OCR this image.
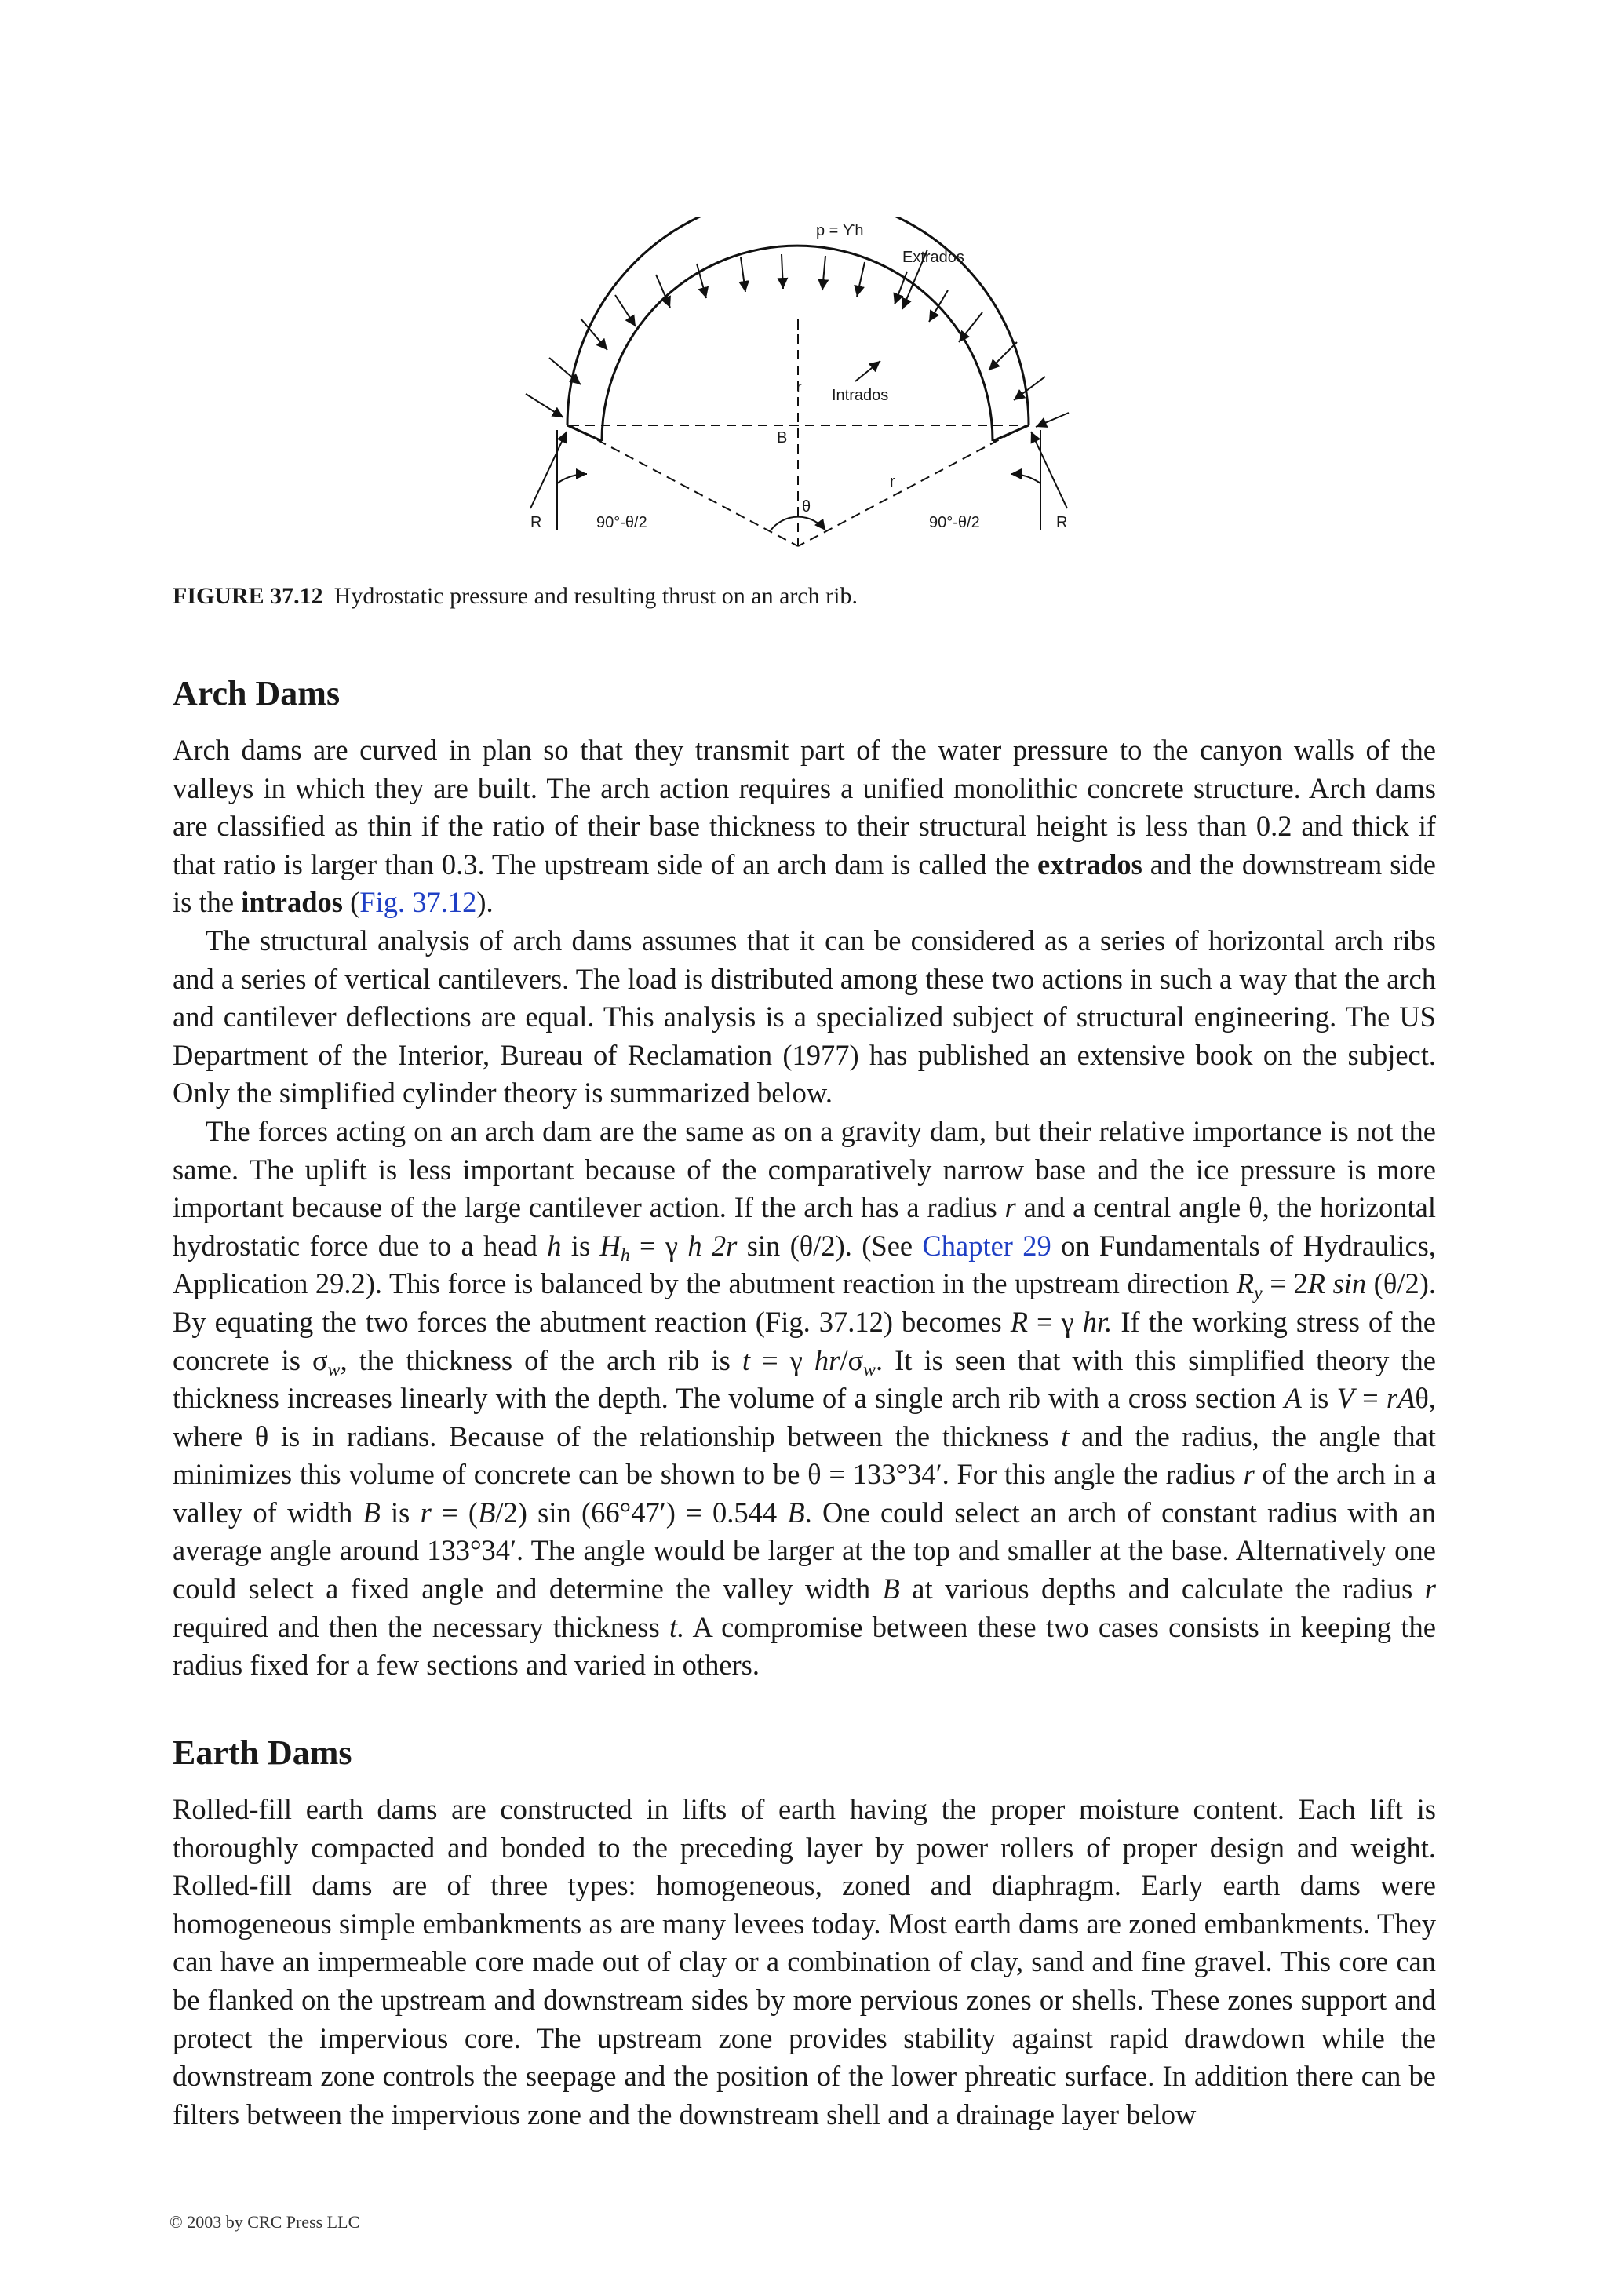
p = ϒh
Extrados
Intrados
r
B
θ
r
90°-θ/2	90°-θ/2
R	R
FIGURE 37.12 Hydrostatic pressure and resulting thrust on an arch rib.
Arch Dams

Arch dams are curved in plan so that they transmit part of the water pressure to the canyon walls of the valleys in which they are built. The arch action requires a unified monolithic concrete structure. Arch dams are classified as thin if the ratio of their base thickness to their structural height is less than 0.2 and thick if that ratio is larger than 0.3. The upstream side of an arch dam is called the extrados and the downstream side is the intrados (Fig. 37.12).

The structural analysis of arch dams assumes that it can be considered as a series of horizontal arch ribs and a series of vertical cantilevers. The load is distributed among these two actions in such a way that the arch and cantilever deflections are equal. This analysis is a specialized subject of structural engineering. The US Department of the Interior, Bureau of Reclamation (1977) has published an extensive book on the subject. Only the simplified cylinder theory is summarized below.

The forces acting on an arch dam are the same as on a gravity dam, but their relative importance is not the same. The uplift is less important because of the comparatively narrow base and the ice pressure is more important because of the large cantilever action. If the arch has a radius r and a central angle θ, the horizontal hydrostatic force due to a head h is $H_h = \gamma$ h 2r sin (θ/2). (See Chapter 29 on Fundamentals of Hydraulics, Application 29.2). This force is balanced by the abutment reaction in the upstream direction $R_y = 2R$ sin (θ/2). By equating the two forces the abutment reaction (Fig. 37.12) becomes R = γ hr. If the working stress of the concrete is $\sigma_w$, the thickness of the arch rib is t = γ $hr/\sigma_w$. It is seen that with this simplified theory the thickness increases linearly with the depth. The volume of a single arch rib with a cross section A is V = rAθ, where θ is in radians. Because of the relationship between the thickness t and the radius, the angle that minimizes this volume of concrete can be shown to be θ = 133°34′. For this angle the radius r of the arch in a valley of width B is r = (B/2) sin (66°47′) = 0.544 B. One could select an arch of constant radius with an average angle around 133°34′. The angle would be larger at the top and smaller at the base. Alternatively one could select a fixed angle and determine the valley width B at various depths and calculate the radius r required and then the necessary thickness t. A compromise between these two cases consists in keeping the radius fixed for a few sections and varied in others.

Earth Dams

Rolled-fill earth dams are constructed in lifts of earth having the proper moisture content. Each lift is thoroughly compacted and bonded to the preceding layer by power rollers of proper design and weight. Rolled-fill dams are of three types: homogeneous, zoned and diaphragm. Early earth dams were homogeneous simple embankments as are many levees today. Most earth dams are zoned embankments. They can have an impermeable core made out of clay or a combination of clay, sand and fine gravel. This core can be flanked on the upstream and downstream sides by more pervious zones or shells. These zones support and protect the impervious core. The upstream zone provides stability against rapid drawdown while the downstream zone controls the seepage and the position of the lower phreatic surface. In addition there can be filters between the impervious zone and the downstream shell and a drainage layer below

© 2003 by CRC Press LLC
